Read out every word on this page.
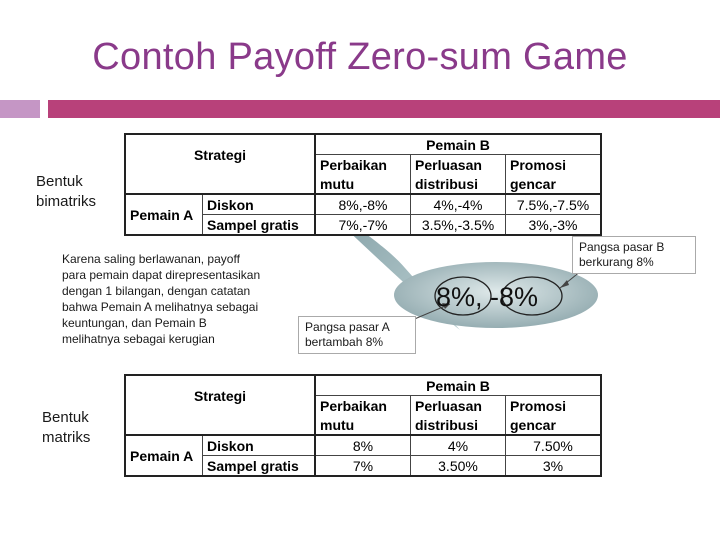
Contoh Payoff Zero-sum Game
Bentuk
bimatriks
Strategi		Pemain B		
		Perbaikan	Perluasan	Promosi
		mutu	distribusi	gencar
Pemain A	Diskon	8%,-8%	4%,-4%	7.5%,-7.5%
	Sampel gratis	7%,-7%	3.5%,-3.5%	3%,-3%
Karena saling berlawanan, payoff
para pemain dapat direpresentasikan
dengan 1 bilangan, dengan catatan
bahwa Pemain A melihatnya sebagai
keuntungan, dan Pemain B
melihatnya sebagai kerugian
8%, -8%
Pangsa pasar B
berkurang 8%
Pangsa pasar A
bertambah 8%
Bentuk
matriks
Strategi		Pemain B		
		Perbaikan	Perluasan	Promosi
		mutu	distribusi	gencar
Pemain A	Diskon	8%	4%	7.50%
	Sampel gratis	7%	3.50%	3%
